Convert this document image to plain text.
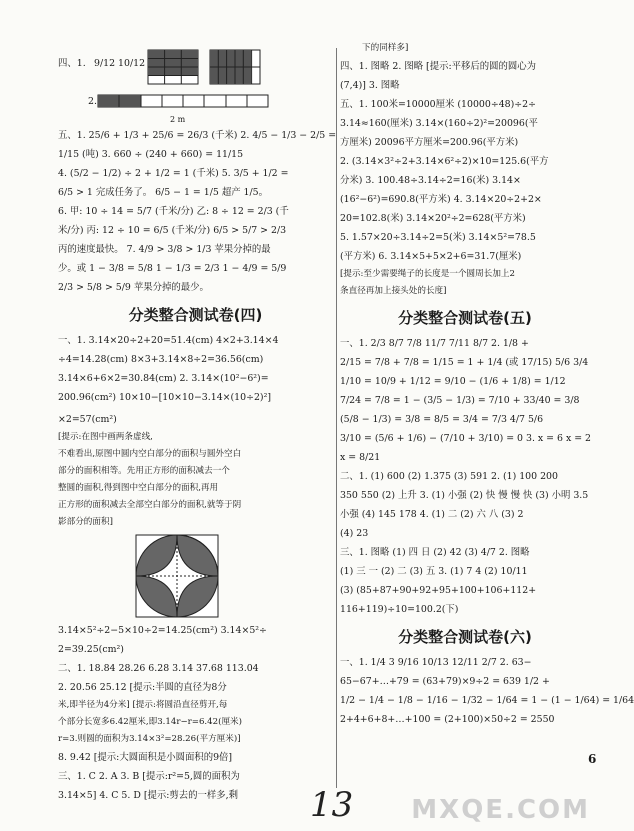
四、1. 9/12 10/12
2.
2 m
五、1. 25/6 + 1/3 + 25/6 = 26/3 (千米) 2. 4/5 − 1/3 − 2/5 =
1/15 (吨) 3. 660 ÷ (240 + 660) = 11/15
4. (5/2 − 1/2) ÷ 2 + 1/2 = 1 (千米) 5. 3/5 + 1/2 =
6/5 > 1 完成任务了。 6/5 − 1 = 1/5 超产 1/5。
6. 甲: 10 ÷ 14 = 5/7 (千米/分) 乙: 8 ÷ 12 = 2/3 (千
米/分) 丙: 12 ÷ 10 = 6/5 (千米/分) 6/5 > 5/7 > 2/3
丙的速度最快。 7. 4/9 > 3/8 > 1/3 苹果分掉的最
少。或 1 − 3/8 = 5/8 1 − 1/3 = 2/3 1 − 4/9 = 5/9
2/3 > 5/8 > 5/9 苹果分掉的最少。
分类整合测试卷(四)
一、1. 3.14×20÷2+20=51.4(cm) 4×2+3.14×4
÷4=14.28(cm) 8×3+3.14×8÷2=36.56(cm)
3.14×6+6×2=30.84(cm) 2. 3.14×(10²−6²)=
200.96(cm²) 10×10−[10×10−3.14×(10÷2)²]
×2=57(cm²)
[提示:在图中画两条虚线,
不难看出,原图中圆内空白部分的面积与圆外空白
部分的面积相等。先用正方形的面积减去一个
整圆的面积,得到图中空白部分的面积,再用
正方形的面积减去全部空白部分的面积,就等于阴
影部分的面积]
3.14×5²÷2−5×10÷2=14.25(cm²) 3.14×5²÷
2=39.25(cm²)
二、1. 18.84 28.26 6.28 3.14 37.68 113.04
2. 20.56 25.12 [提示:半圆的直径为8分
米,即半径为4分米] [提示:将圆沿直径剪开,每
个部分长宽多6.42厘米,即3.14r−r=6.42(厘米)
r=3.则圆的面积为3.14×3²=28.26(平方厘米)]
8. 9.42 [提示:大圆面积是小圆面积的9倍]
三、1. C 2. A 3. B [提示:r²=5,圆的面积为
3.14×5] 4. C 5. D [提示:剪去的一样多,剩
下的同样多]
四、1. 图略 2. 图略 [提示:平移后的圆的圆心为
(7,4)] 3. 图略
五、1. 100米=10000厘米 (10000÷48)÷2÷
3.14≈160(厘米) 3.14×(160÷2)²=20096(平
方厘米) 20096平方厘米=200.96(平方米)
2. (3.14×3²÷2+3.14×6²÷2)×10=125.6(平方
分米) 3. 100.48÷3.14÷2=16(米) 3.14×
(16²−6²)=690.8(平方米) 4. 3.14×20÷2+2×
20=102.8(米) 3.14×20²÷2=628(平方米)
5. 1.57×20÷3.14÷2=5(米) 3.14×5²=78.5
(平方米) 6. 3.14×5+5×2+6=31.7(厘米)
[提示:至少需要绳子的长度是一个圆周长加上2
条直径再加上接头处的长度]
分类整合测试卷(五)
一、1. 2/3 8/7 7/8 11/7 7/11 8/7 2. 1/8 +
2/15 = 7/8 + 7/8 = 1/15 = 1 + 1/4 (或 17/15) 5/6 3/4
1/10 = 10/9 + 1/12 = 9/10 − (1/6 + 1/8) = 1/12
7/24 = 7/8 = 1 − (3/5 − 1/3) = 7/10 + 33/40 = 3/8
(5/8 − 1/3) = 3/8 = 8/5 = 3/4 = 7/3 4/7 5/6
3/10 = (5/6 + 1/6) − (7/10 + 3/10) = 0 3. x = 6 x = 2
x = 8/21
二、1. (1) 600 (2) 1.375 (3) 591 2. (1) 100 200
350 550 (2) 上升 3. (1) 小强 (2) 快 慢 慢 快 (3) 小明 3.5
小强 (4) 145 178 4. (1) 二 (2) 六 八 (3) 2
(4) 23
三、1. 图略 (1) 四 日 (2) 42 (3) 4/7 2. 图略
(1) 三 一 (2) 二 (3) 五 3. (1) 7 4 (2) 10/11
(3) (85+87+90+92+95+100+106+112+
116+119)÷10=100.2(下)
分类整合测试卷(六)
一、1. 1/4 3 9/16 10/13 12/11 2/7 2. 63−
65−67+…+79 = (63+79)×9÷2 = 639 1/2 +
1/2 − 1/4 − 1/8 − 1/16 − 1/32 − 1/64 = 1 − (1 − 1/64) = 1/64
2+4+6+8+…+100 = (2+100)×50÷2 = 2550
13
6
MXQE.COM
